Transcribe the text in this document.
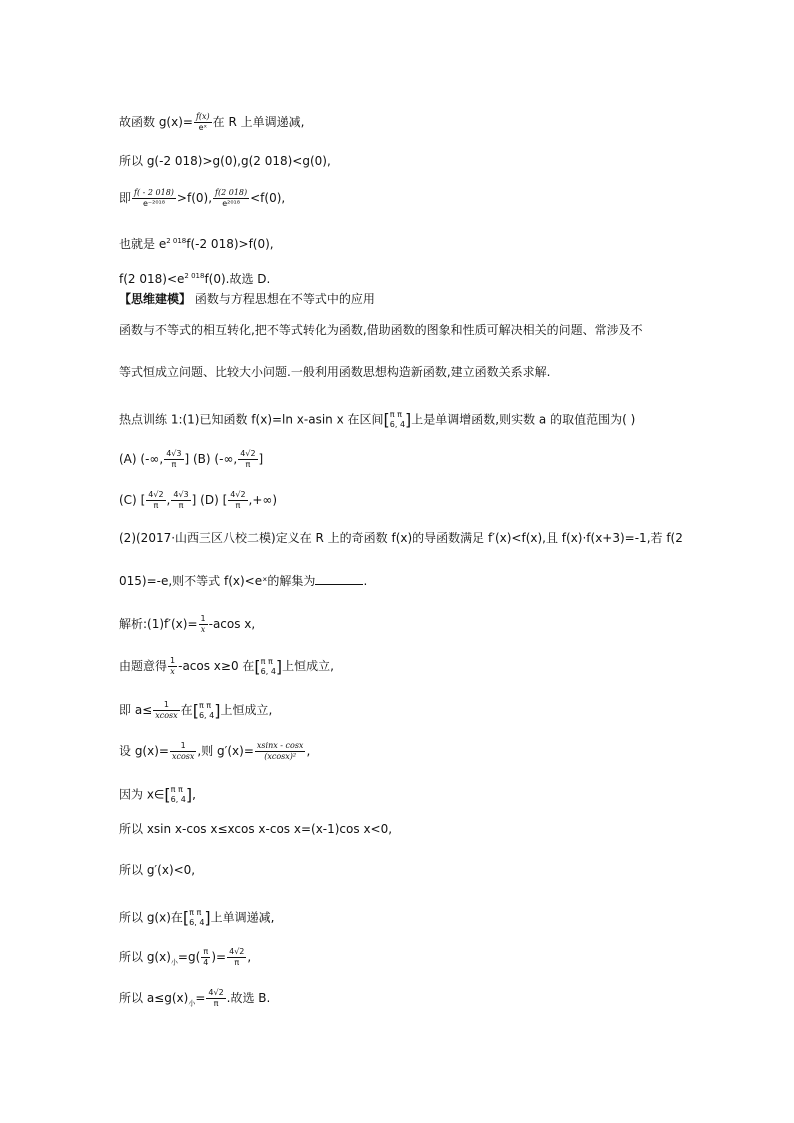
故函数 $g(x)= \frac{f(x)}{\text{eˣ}}$ 在 R 上单调递减,
所以 g(-2 018)>g(0),g(2 018)<g(0),
即 $\frac{f( - 2 018)}{\text{e⁻²⁰¹⁸}} >f(0)$, $\frac{f(2 018)}{\text{e²⁰¹⁸}} <f(0)$,
也就是 $e^{2 018}f(-2$ 018)>f(0),
f(2 $018)<e^{2 018}f(0)$.故选 D.
【思维建模】 函数与方程思想在不等式中的应用
函数与不等式的相互转化,把不等式转化为函数,借助函数的图象和性质可解决相关的问题、常涉及不
等式恒成立问题、比较大小问题.一般利用函数思想构造新函数,建立函数关系求解.
热点训练 1:(1)已知函数 f(x)=ln x-asin x 在区间[π π
6, 4]上是单调增函数,则实数 a 的取值范围为( )
(A) (-∞, $\frac{4√3}{\pi}$ ] (B) (-∞, $\frac{4√2}{\pi}$ ]
(C) [ $\frac{4√2}{\pi}$ , $\frac{4√3}{\pi}$ ] (D) [ $\frac{4√2}{\pi}$ ,+∞)
(2)(2017·山西三区八校二模)定义在 R 上的奇函数 f(x)的导函数满足 f′(x)<f(x),且 f(x)·f(x+3)=-1,若 f(2
015)=-e,则不等式 f(x)<eˣ的解集为	.
解析:(1)f′(x)= $\frac{1}{x} -acos$ x,
由题意得 $\frac{1}{x} -acos$ x≥0 在[π π
6, 4]上恒成立,
即 $a\le \frac{1}{xcosx}$ 在[π π
6, 4]上恒成立,
设 $g(x)= \frac{1}{xcosx}$ ,则 $g'(x)= \frac{xsinx - \cos x}{\text{(xcosx)²}}$ ,
因为 x∈[π π
6, 4],
所以 xsin x-cos x≤xcos x-cos x=(x-1)cos x<0,
所以 g′(x)<0,
所以 g(x)在[π π
6, 4]上单调递减,
所以 $g(x)_小=g( \frac{\pi}{4}$ )= $\frac{4√2}{\pi}$ ,
所以 $a\le g(x)_小= \frac{4√2}{\pi}$ .故选 B.
